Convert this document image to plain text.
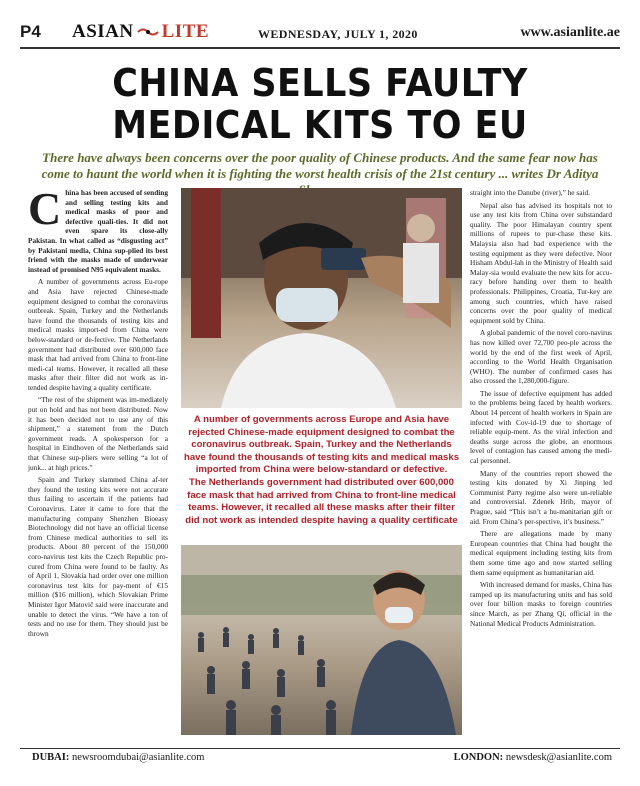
P4 ASIAN LITE	WEDNESDAY, JULY 1, 2020	www.asianlite.ae
CHINA SELLS FAULTY
MEDICAL KITS TO EU
There have always been concerns over the poor quality of Chinese products. And the same fear now has come to haunt the world when it is fighting the worst health crisis of the 21st century ... writes Dr Aditya

China has been accused of sending and selling testing kits and medical masks of poor and defective quali-ties. It did not even spare its close-ally Pakistan. In what called as “disgusting act” by Pakistani media, China sup-plied its best friend with the masks made of underwear instead of promised N95 equivalent masks.

A number of governments across Eu-rope and Asia have rejected Chinese-made equipment designed to combat the coronavirus outbreak. Spain, Turkey and the Netherlands have found the thousands of testing kits and medical masks import-ed from China were below-standard or de-fective. The Netherlands government had distributed over 600,000 face mask that had arrived from China to front-line medi-cal teams. However, it recalled all these masks after their filter did not work as in-tended despite having a quality certificate.

“The rest of the shipment was im-mediately put on hold and has not been distributed. Now it has been decided not to use any of this shipment,” a statement from the Dutch government reads. A spokesperson for a hospital in Eindhoven of the Netherlands said that Chinese sup-pliers were selling “a lot of junk... at high prices.”

Spain and Turkey slammed China af-ter they found the testing kits were not accurate thus failing to ascertain if the patients had Coronavirus. Later it came to fore that the manufacturing company Shenzhen Bioeasy Biotechnology did not have an official license from Chinese medical authorities to sell its products. About 80 percent of the 150,000 coro-navirus test kits the Czech Republic pro-cured from China were found to be faulty. As of April 1, Slovakia had order over one million coronavirus test kits for pay-ment of €15 million ($16 million), which Slovakian Prime Minister Igor Matovič said were inaccurate and unable to detect the virus. “We have a ton of tests and no use for them. They should just be thrown

A number of governments across Europe and Asia have rejected Chinese-made equipment designed to combat the coronavirus outbreak. Spain, Turkey and the Netherlands have found the thousands of testing kits and medical masks imported from China were below-standard or defective.

The Netherlands government had distributed over 600,000 face mask that had arrived from China to front-line medical teams. However, it recalled all these masks after their filter did not work as intended despite having a quality certificate

straight into the Danube (river),” he said.

Nepal also has advised its hospitals not to use any test kits from China over substandard quality. The poor Himalayan country spent millions of rupees to pur-chase these kits. Malaysia also had bad experience with the testing equipment as they were defective. Noor Hisham Abdul-lah in the Ministry of Health said Malay-sia would evaluate the new kits for accu-racy before handing over them to health professionals. Philippines, Croatia, Tur-key are among such countries, which have raised concerns over the poor quality of medical equipment sold by China.

A global pandemic of the novel coro-navirus has now killed over 72,700 peo-ple across the world by the end of the first week of April, according to the World Health Organisation (WHO). The number of confirmed cases has also crossed the 1,280,000-figure.

The issue of defective equipment has added to the problems being faced by health workers. About 14 percent of health workers in Spain are infected with Cov-id-19 due to shortage of reliable equip-ment. As the viral infection and deaths surge across the globe, an enormous level of contagion has caused among the medi-cal personnel.

Many of the countries report showed the testing kits donated by Xi Jinping led Communist Party regime also were un-reliable and controversial. Zdenek Hrib, mayor of Prague, said “This isn’t a hu-manitarian gift or aid. From China’s per-spective, it’s business.”

There are allegations made by many European countries that China had bought the medical equipment including testing kits from them some time ago and now started selling them same equipment as humanitarian aid.

With increased demand for masks, China has ramped up its manufacturing units and has sold over four billion masks to foreign countries since March, as per Zhang Qi, official in the National Medical Products Administration.

DUBAI: newsroomdubai@asianlite.com	LONDON: newsdesk@asianlite.com
